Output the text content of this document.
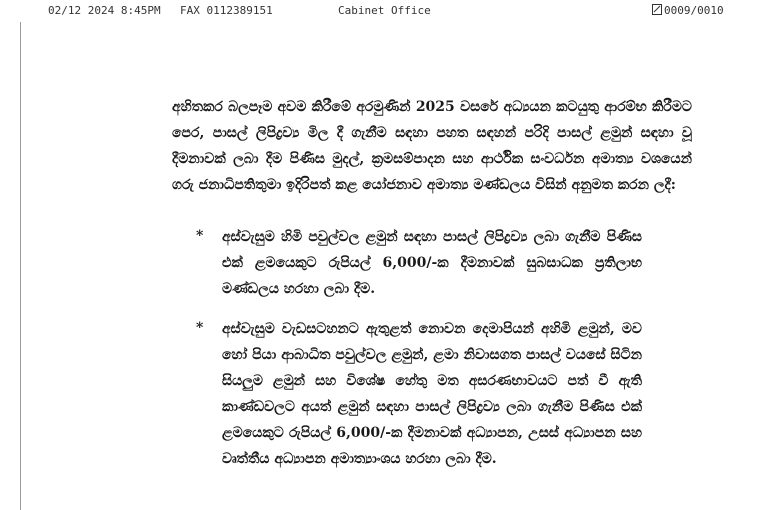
02/12 2024 8:45PM FAX 0112389151	Cabinet Office	0009/0010

අහිතකර බලපෑම අවම කිරීමේ අරමුණින් 2025 වසරේ අධ්‍යයන කටයුතු ආරම්භ කිරීමට පෙර, පාසල් ලිපිද්‍රව්‍ය මිල දී ගැනීම සඳහා පහත සඳහන් පරිදි පාසල් ළමුන් සඳහා වූ දීමනාවක් ලබා දීම පිණිස මුදල්, ක්‍රමසම්පාදන සහ ආර්ථික සංවර්ධන අමාත්‍ය වශයෙන් ගරු ජනාධිපතිතුමා ඉදිරිපත් කළ යෝජනාව අමාත්‍ය මණ්ඩලය විසින් අනුමත කරන ලදී:

* අස්වැසුම හිමි පවුල්වල ළමුන් සඳහා පාසල් ලිපිද්‍රව්‍ය ලබා ගැනීම පිණිස එක් ළමයෙකුට රුපියල් 6,000/-ක දීමනාවක් සුබසාධක ප්‍රතිලාභ මණ්ඩලය හරහා ලබා දීම.

* අස්වැසුම වැඩසටහනට ඇතුළත් නොවන දෙමාපියන් අහිමි ළමුන්, මව හෝ පියා ආබාධිත පවුල්වල ළමුන්, ළමා නිවාසගත පාසල් වයසේ සිටින සියලුම ළමුන් සහ විශේෂ හේතු මත අසරණභාවයට පත් වී ඇති කාණ්ඩවලට අයත් ළමුන් සඳහා පාසල් ලිපිද්‍රව්‍ය ලබා ගැනීම පිණිස එක් ළමයෙකුට රුපියල් 6,000/-ක දීමනාවක් අධ්‍යාපන, උසස් අධ්‍යාපන සහ වෘත්තීය අධ්‍යාපන අමාත්‍යාංශය හරහා ලබා දීම.
